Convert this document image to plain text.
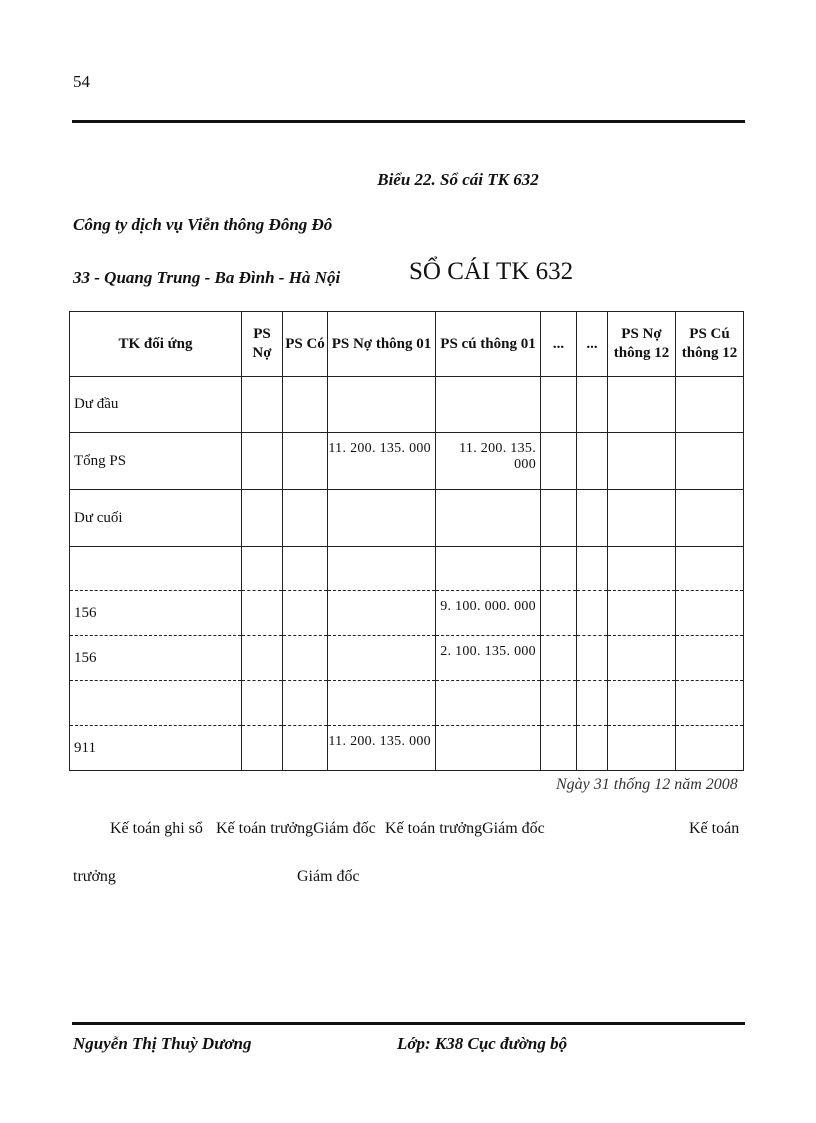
54
Biểu 22. Sổ cái TK 632
Công ty dịch vụ Viễn thông Đông Đô
33 - Quang Trung - Ba Đình - Hà Nội	SỔ CÁI TK 632
TK đối ứng	PS Nợ	PS Có	PS Nợ thông 01	PS cú thông 01	...	...	PS Nợ thông 12	PS Cú thông 12
Dư đầu								
Tổng PS			11. 200. 135. 000	11. 200. 135. 000				
Dư cuối								

156				9. 100. 000. 000				
156				2. 100. 135. 000				

911			11. 200. 135. 000					
Ngày 31 thống 12 năm 2008
Kế toán ghi sổ Kế toán trưởngGiám đốc Kế toán trưởngGiám đốc	Kế toán
trưởng	Giám đốc
Nguyễn Thị Thuỳ Dương	Lớp: K38 Cục đường bộ
